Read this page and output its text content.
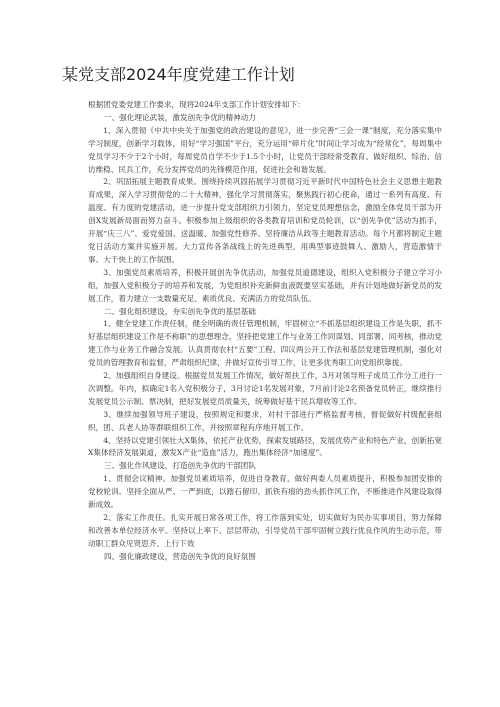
某党支部2024年度党建工作计划

根据团党委党建工作要求，现将2024年支部工作计划安排如下：

一、强化理论武装，激发创先争优的精神动力

1、深入贯彻《中共中央关于加强党的政治建设的意见》，进一步完善“三会一课”制度，充分落实集中学习制度，创新学习载体，用好“学习强国”平台，充分运用“碎片化”时间让学习成为“经常化”，每周集中党员学习不少于2个小时，每周党员自学不少于1.5个小时，让党员干部经常受教育、做好组织、综治、信访维稳、民兵工作，充分发挥党员的先锋模范作用，促进社会和谐发展。

2、巩固拓展主题教育成果。围绕持续巩固拓展学习贯彻习近平新时代中国特色社会主义思想主题教育成果，深入学习贯彻党的二十大精神，强化学习贯彻落实，聚焦践行初心使命，通过一系列有高度、有温度、有力度的党建活动，进一步提升党支部组织力引领力，坚定党员理想信念，激励全体党员干部为开创X发展新局面而努力奋斗。积极参加上级组织的各类教育培训和党员轮训，以“创先争优”活动为抓手，开展“庆三八”、爱党爱国、送温暖、加强党性修养、坚持廉洁从政等主题教育活动。每个月都将制定主题党日活动方案并实施开展。大力宣传各条战线上的先进典型，用典型事迹鼓舞人、激励人，营造激情干事、大干快上的工作氛围。

3、加强党员素质培养，积极开展创先争优活动，加强党员道德建设，组织入党积极分子建立学习小组，加强入党积极分子的培养和发展，为党组织补充新鲜血液既要坚实基础，并有计划地做好新党员的发展工作，着力建立一支数量充足、素质优良、充满活力的党员队伍。

二、强化组织建设，夯实创先争优的基层基础

1、健全党建工作责任制，健全明确的责任管理机制，牢固树立“不抓基层组织建设工作是失职，抓不好基层组织建设工作是不称职”的思想理念，坚持把党建工作与业务工作同谋划、同部署、同考核，推动党建工作与业务工作融合发展。认真贯彻农村“五要”工程、四议两公开工作法和基层党建管理机制，强化对党员的管理教育和监督，严肃组织纪律，并做好宣传引导工作，让更多优秀职工向党组织靠拢。

2、加强组织自身建设。根据党员发展工作情况，做好帮扶工作，3月对领导班子成员工作分工进行一次调整。年内，拟确定1名入党积极分子，3月讨论1名发展对象，7月前讨论2名预备党员转正，继续推行发展党员公示制、票决制，把好发展党员质量关，统筹做好基干民兵增收等工作。

3、继续加强领导班子建设，按照规定和要求，对村干部进行严格监督考核，督促做好村级配套组织，团、兵老人协等群联组织工作，并按照章程有序地开展工作。

4、坚持以党建引领壮大X集体，依托产业优势，探索发展路径，发展优势产业和特色产业，创新拓宽X集体经济发展渠道，激发X产业“造血”活力，跑出集体经济“加速度”。

三、强化作风建设，打造创先争优的干部团队

1、贯彻会议精神。加强党员素质培养，促进自身教育，做好两委人员素质提升，积极参加团安排的党校轮训。坚持全面从严、一严到底，以踏石留印、抓铁有痕的劲头抓作风工作，不断推进作风建设取得新成效。

2、落实工作责任。扎实开展日常各项工作，将工作落到实处，切实做好为民办实事项目，努力保障和改善本单位经济水平。坚持以上率下、层层带动，引导党员干部牢固树立践行优良作风的生动示范，带动职工群众见贤思齐、上行下效

四、强化廉政建设，营造创先争优的良好氛围
